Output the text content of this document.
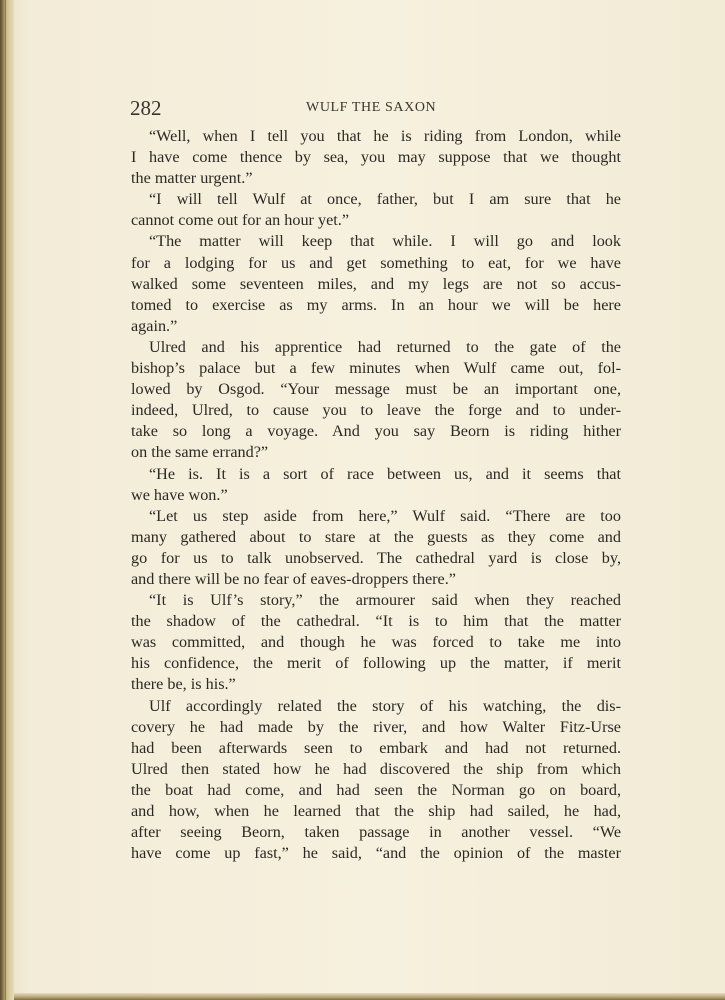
282	WULF THE SAXON
“Well, when I tell you that he is riding from London, while
I have come thence by sea, you may suppose that we thought
the matter urgent.”
“I will tell Wulf at once, father, but I am sure that he
cannot come out for an hour yet.”
“The matter will keep that while. I will go and look
for a lodging for us and get something to eat, for we have
walked some seventeen miles, and my legs are not so accus-
tomed to exercise as my arms. In an hour we will be here
again.”
Ulred and his apprentice had returned to the gate of the
bishop’s palace but a few minutes when Wulf came out, fol-
lowed by Osgod. “Your message must be an important one,
indeed, Ulred, to cause you to leave the forge and to under-
take so long a voyage. And you say Beorn is riding hither
on the same errand?”
“He is. It is a sort of race between us, and it seems that
we have won.”
“Let us step aside from here,” Wulf said. “There are too
many gathered about to stare at the guests as they come and
go for us to talk unobserved. The cathedral yard is close by,
and there will be no fear of eaves-droppers there.”
“It is Ulf’s story,” the armourer said when they reached
the shadow of the cathedral. “It is to him that the matter
was committed, and though he was forced to take me into
his confidence, the merit of following up the matter, if merit
there be, is his.”
Ulf accordingly related the story of his watching, the dis-
covery he had made by the river, and how Walter Fitz-Urse
had been afterwards seen to embark and had not returned.
Ulred then stated how he had discovered the ship from which
the boat had come, and had seen the Norman go on board,
and how, when he learned that the ship had sailed, he had,
after seeing Beorn, taken passage in another vessel. “We
have come up fast,” he said, “and the opinion of the master
